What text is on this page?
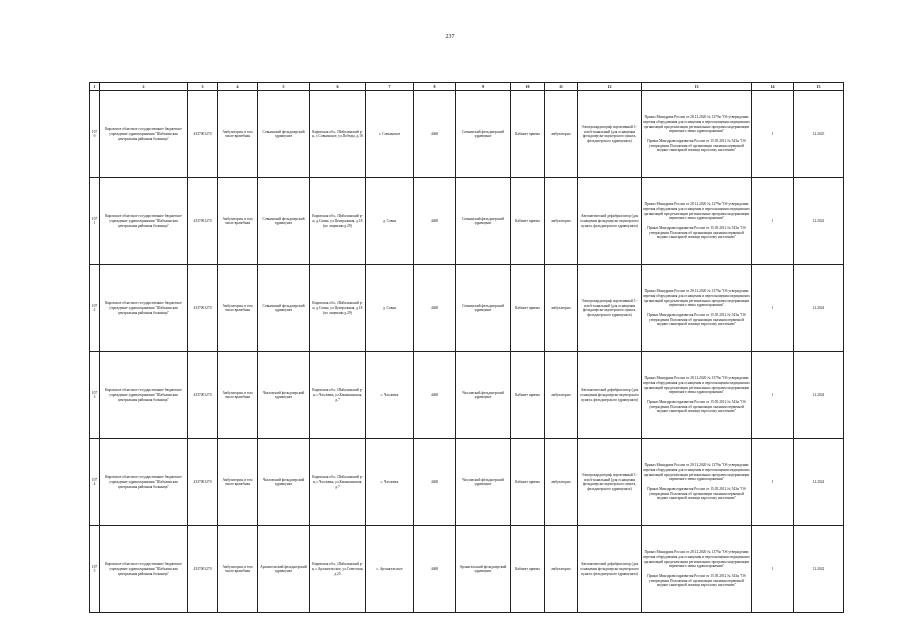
237
1	2	3	4	5	6	7	8	9	10	11	12	13	14	15
1070	Кировское областное государственное бюджетное учреждение здравоохранения "Шабалинская центральная районная больница"	4337001270	Амбулатория, в том числе врачебная	Совьинский фельдшерский здравпункт	Кировская обл., Шабалинский р-н, с.Совьинское, ул.Победы, д.16	с. Совьинское	4468	Совьинский фельдшерский здравпункт	Кабинет приема	амбулаторно	Электрокардиограф портативный 3 - или 6-канальный (для оснащения фельдшерско-акушерского пункта, фельдшерского здравпункта)	Приказ Минздрава России от 28.12.2020 № 1379н "Об утверждении перечня оборудования для оснащения и переоснащения медицинских организаций при реализации региональных программ модернизации первичного звена здравоохранения"
Приказ Минздравсоцразвития России от 15.05.2012 № 543н "Об утверждении Положения об организации оказания первичной медико-санитарной помощи взрослому населению"	1	12.2025
1071	Кировское областное государственное бюджетное учреждение здравоохранения "Шабалинская центральная районная больница"	4337001270	Амбулатория, в том числе врачебная	Совьинский фельдшерский здравпункт	Кировская обл., Шабалинский р-н, д.Совьи, ул.Центральная, д.18 (по лицензии д.29)	д. Совьи	4468	Совьинский фельдшерский здравпункт	Кабинет приема	амбулаторно	Автоматический дефибриллятор (для оснащения фельдшерско-акушерского пункта, фельдшерского здравпункта)	Приказ Минздрава России от 28.12.2020 № 1379н "Об утверждении перечня оборудования для оснащения и переоснащения медицинских организаций при реализации региональных программ модернизации первичного звена здравоохранения"
Приказ Минздравсоцразвития России от 15.05.2012 № 543н "Об утверждении Положения об организации оказания первичной медико-санитарной помощи взрослому населению"	1	12.2022
1072	Кировское областное государственное бюджетное учреждение здравоохранения "Шабалинская центральная районная больница"	4337001270	Амбулатория, в том числе врачебная	Совьинский фельдшерский здравпункт	Кировская обл., Шабалинский р-н, д.Совьи, ул.Центральная, д.18 (по лицензии д.29)	д. Совьи	4468	Совьинский фельдшерский здравпункт	Кабинет приема	амбулаторно	Электрокардиограф портативный 3 - или 6-канальный (для оснащения фельдшерско-акушерского пункта, фельдшерского здравпункта)	Приказ Минздрава России от 28.12.2020 № 1379н "Об утверждении перечня оборудования для оснащения и переоснащения медицинских организаций при реализации региональных программ модернизации первичного звена здравоохранения"
Приказ Минздравсоцразвития России от 15.05.2012 № 543н "Об утверждении Положения об организации оказания первичной медико-санитарной помощи взрослому населению"	1	12.2024
1073	Кировское областное государственное бюджетное учреждение здравоохранения "Шабалинская центральная районная больница"	4337001270	Амбулатория, в том числе врачебная	Чахловский фельдшерский здравпункт	Кировская обл., Шабалинский р-н, с.Чахловка, ул.Камышинская, д.7	с. Чахловка	4468	Чахловский фельдшерский здравпункт	Кабинет приема	амбулаторно	Автоматический дефибриллятор (для оснащения фельдшерско-акушерского пункта, фельдшерского здравпункта)	Приказ Минздрава России от 28.12.2020 № 1379н "Об утверждении перечня оборудования для оснащения и переоснащения медицинских организаций при реализации региональных программ модернизации первичного звена здравоохранения"
Приказ Минздравсоцразвития России от 15.05.2012 № 543н "Об утверждении Положения об организации оказания первичной медико-санитарной помощи взрослому населению"	1	12.2024
1074	Кировское областное государственное бюджетное учреждение здравоохранения "Шабалинская центральная районная больница"	4337001270	Амбулатория, в том числе врачебная	Чахловский фельдшерский здравпункт	Кировская обл., Шабалинский р-н, с.Чахловка, ул.Камышинская, д.7	с. Чахловка	4468	Чахловский фельдшерский здравпункт	Кабинет приема	амбулаторно	Электрокардиограф портативный 3 - или 6-канальный (для оснащения фельдшерско-акушерского пункта, фельдшерского здравпункта)	Приказ Минздрава России от 28.12.2020 № 1379н "Об утверждении перечня оборудования для оснащения и переоснащения медицинских организаций при реализации региональных программ модернизации первичного звена здравоохранения"
Приказ Минздравсоцразвития России от 15.05.2012 № 543н "Об утверждении Положения об организации оказания первичной медико-санитарной помощи взрослому населению"	1	12.2024
1075	Кировское областное государственное бюджетное учреждение здравоохранения "Шабалинская центральная районная больница"	4337001270	Амбулатория, в том числе врачебная	Архангельский фельдшерский здравпункт	Кировская обл., Шабалинский р-н, с.Архангельское, ул.Советская, д.25	с. Архангельское	4468	Архангельский фельдшерский здравпункт	Кабинет приема	амбулаторно	Автоматический дефибриллятор (для оснащения фельдшерско-акушерского пункта, фельдшерского здравпункта)	Приказ Минздрава России от 28.12.2020 № 1379н "Об утверждении перечня оборудования для оснащения и переоснащения медицинских организаций при реализации региональных программ модернизации первичного звена здравоохранения"
Приказ Минздравсоцразвития России от 15.05.2012 № 543н "Об утверждении Положения об организации оказания первичной медико-санитарной помощи взрослому населению"	1	12.2022
